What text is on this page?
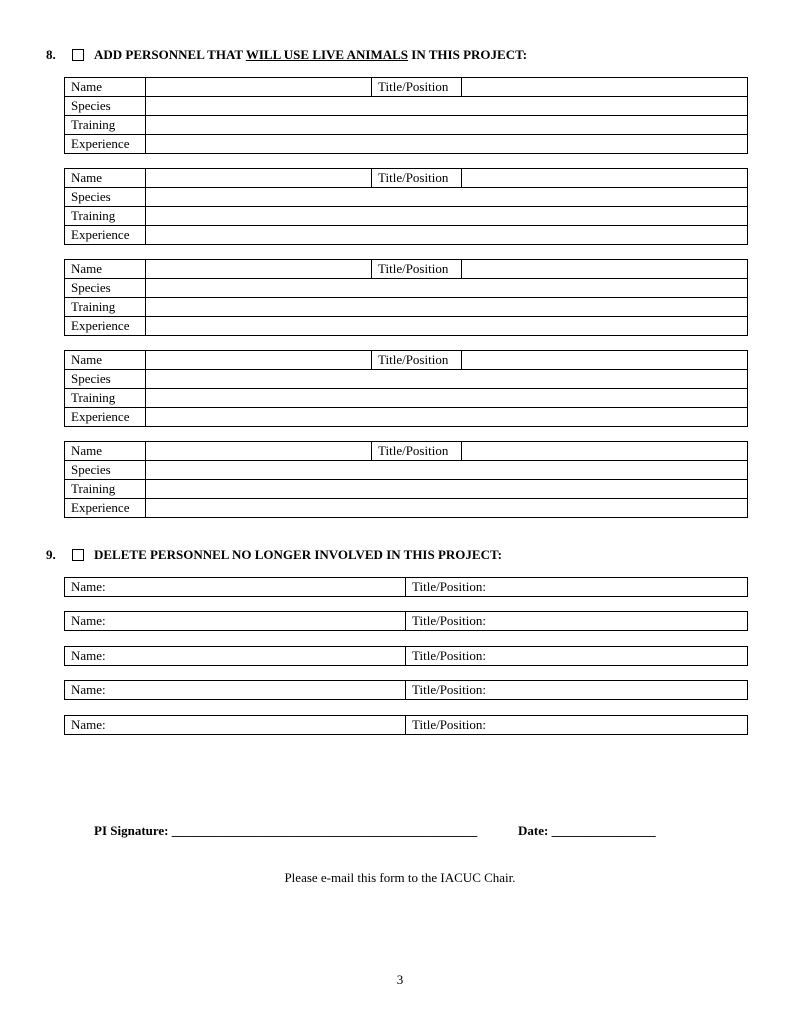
8.	ADD PERSONNEL THAT WILL USE LIVE ANIMALS IN THIS PROJECT:
Name		Title/Position	
Species			
Training			
Experience			
Name		Title/Position	
Species			
Training			
Experience			
Name		Title/Position	
Species			
Training			
Experience			
Name		Title/Position	
Species			
Training			
Experience			
Name		Title/Position	
Species			
Training			
Experience			
9.	DELETE PERSONNEL NO LONGER INVOLVED IN THIS PROJECT:
Name:	Title/Position:
Name:	Title/Position:
Name:	Title/Position:
Name:	Title/Position:
Name:	Title/Position:
PI Signature: _______________________________________________	Date: ________________
Please e-mail this form to the IACUC Chair.
3
